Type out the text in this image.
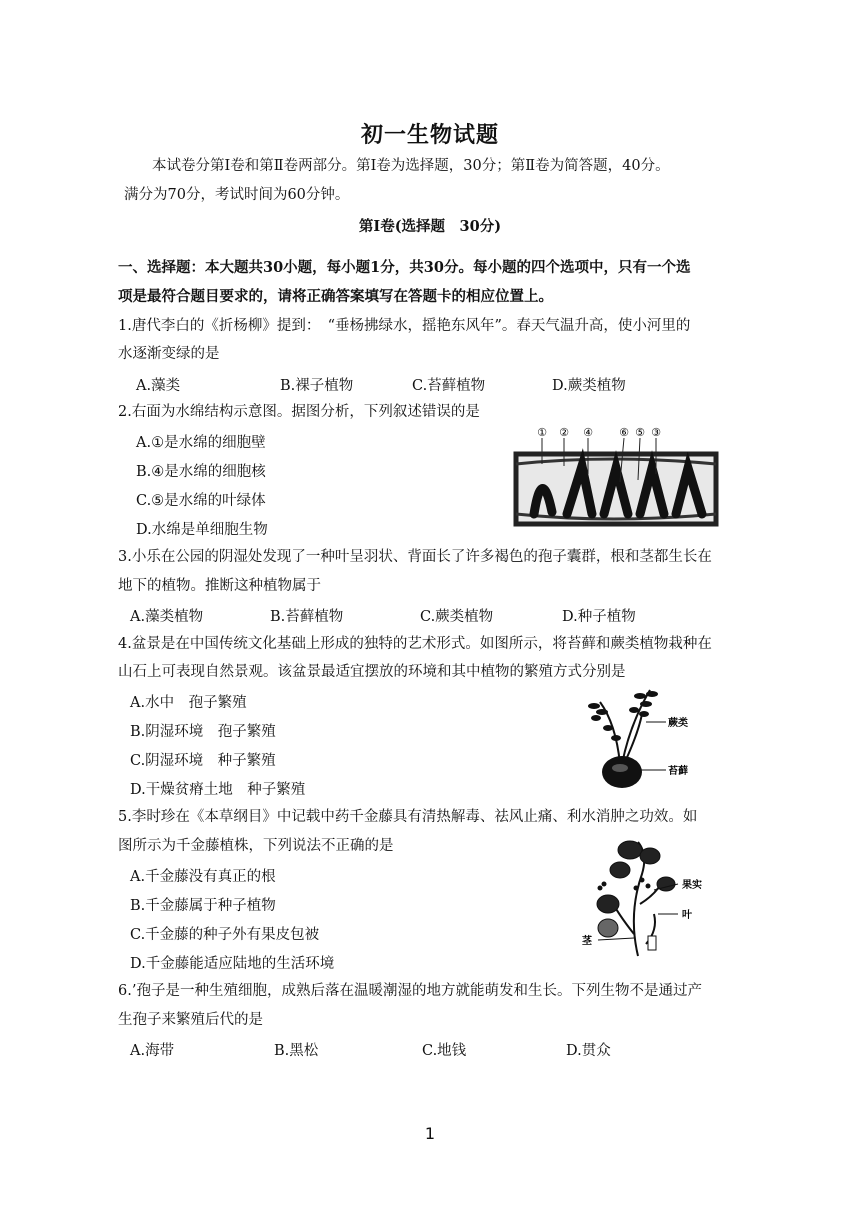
初一生物试题
本试卷分第Ⅰ卷和第Ⅱ卷两部分。第Ⅰ卷为选择题，30分；第Ⅱ卷为简答题，40分。
满分为70分，考试时间为60分钟。
第Ⅰ卷(选择题　30分)
一、选择题：本大题共30小题，每小题1分，共30分。每小题的四个选项中，只有一个选
项是最符合题目要求的，请将正确答案填写在答题卡的相应位置上。
1.唐代李白的《折杨柳》提到：　“垂杨拂绿水，摇艳东风年”。春天气温升高，使小河里的
水逐渐变绿的是
A.藻类	B.裸子植物	C.苔藓植物	D.蕨类植物
2.右面为水绵结构示意图。据图分析，下列叙述错误的是
A.①是水绵的细胞壁
B.④是水绵的细胞核
C.⑤是水绵的叶绿体
D.水绵是单细胞生物
① ② ④ ⑥ ⑤ ③
3.小乐在公园的阴湿处发现了一种叶呈羽状、背面长了许多褐色的孢子囊群，根和茎都生长在
地下的植物。推断这种植物属于
A.藻类植物	B.苔藓植物	C.蕨类植物	D.种子植物
4.盆景是在中国传统文化基础上形成的独特的艺术形式。如图所示，将苔藓和蕨类植物栽种在
山石上可表现自然景观。该盆景最适宜摆放的环境和其中植物的繁殖方式分别是
A.水中　孢子繁殖
B.阴湿环境　孢子繁殖
C.阴湿环境　种子繁殖
D.干燥贫瘠土地　种子繁殖
蕨类
苔藓
5.李时珍在《本草纲目》中记载中药千金藤具有清热解毒、祛风止痛、利水消肿之功效。如
图所示为千金藤植株，下列说法不正确的是
A.千金藤没有真正的根
B.千金藤属于种子植物
C.千金藤的种子外有果皮包被
D.千金藤能适应陆地的生活环境
果实
叶
茎
6.’孢子是一种生殖细胞，成熟后落在温暖潮湿的地方就能萌发和生长。下列生物不是通过产
生孢子来繁殖后代的是
A.海带	B.黑松	C.地钱	D.贯众
1
